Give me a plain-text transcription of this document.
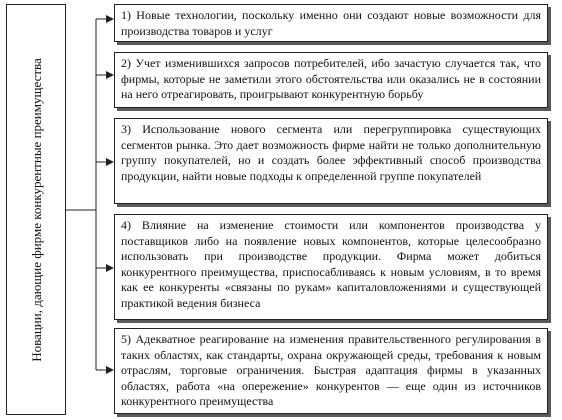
Новации, дающие фирме конкурентные преимущества
1) Новые технологии, поскольку именно они создают новые возможности для производства товаров и услуг
2) Учет изменившихся запросов потребителей, ибо зачастую случается так, что фирмы, которые не заметили этого обстоятельства или оказались не в состоянии на него отреагировать, проигрывают конкурентную борьбу
3) Использование нового сегмента или перегруппировка существующих сегментов рынка. Это дает возможность фирме найти не только дополнительную группу покупателей, но и создать более эффективный способ производства продукции, найти новые подходы к определенной группе покупателей
4) Влияние на изменение стоимости или компонентов производства у поставщиков либо на появление новых компонентов, которые целесообразно использовать при производстве продукции. Фирма может добиться конкурентного преимущества, приспосабливаясь к новым условиям, в то время как ее конкуренты «связаны по рукам» капиталовложениями и существующей практикой ведения бизнеса
5) Адекватное реагирование на изменения правительственного регулирования в таких областях, как стандарты, охрана окружающей среды, требования к новым отраслям, торговые ограничения. Быстрая адаптация фирмы в указанных областях, работа «на опережение» конкурентов — еще один из источников конкурентного преимущества
